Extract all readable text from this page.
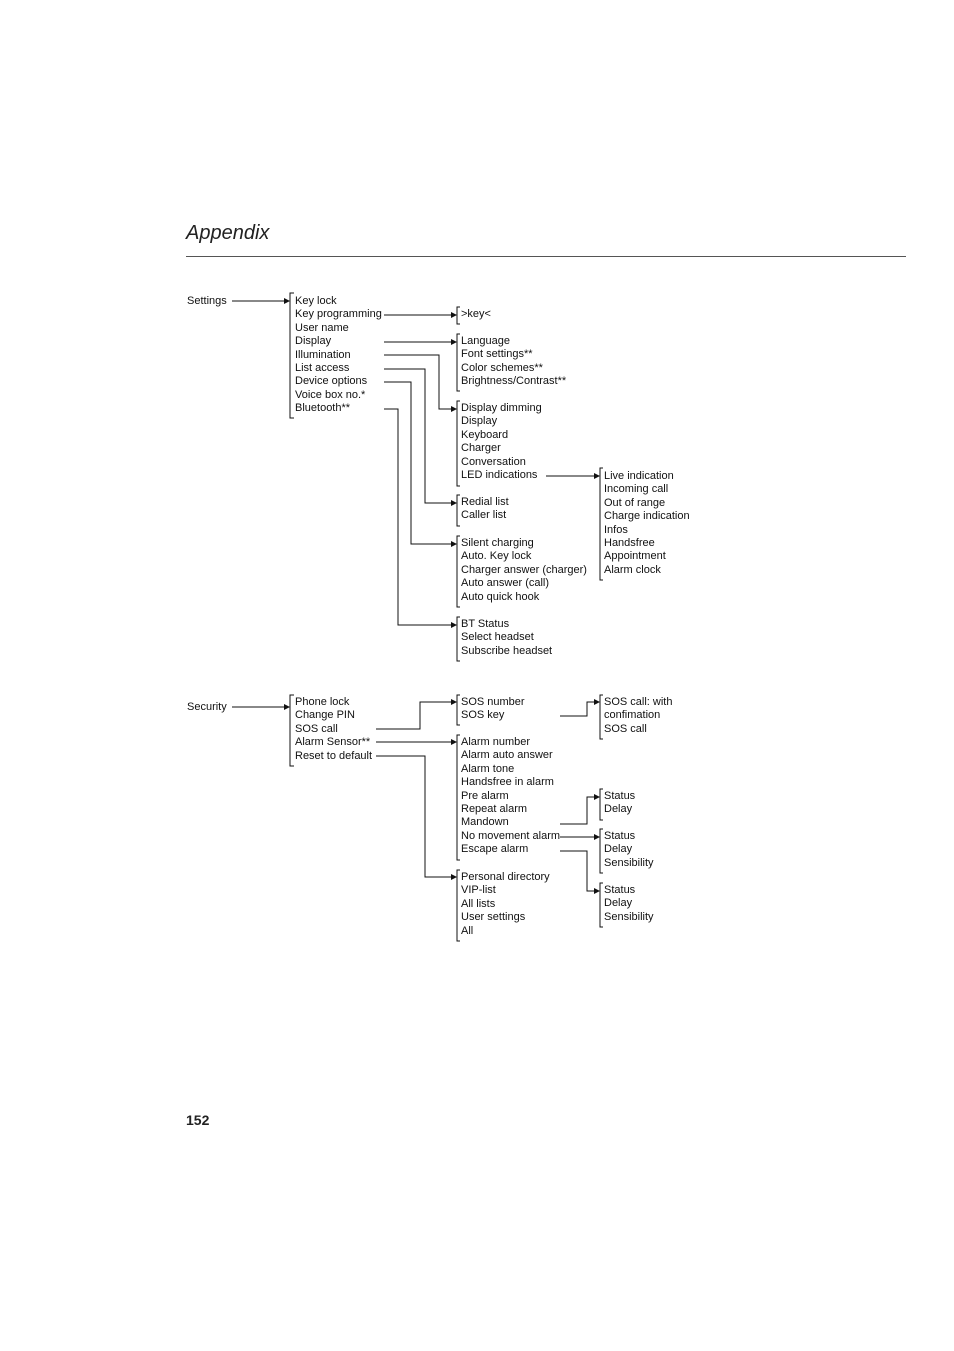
Appendix
Settings	Key lock
Key programming
User name
Display
Illumination
List access
Device options
Voice box no.*
Bluetooth**
>key<
Language
Font settings**
Color schemes**
Brightness/Contrast**
Display dimming
Display
Keyboard
Charger
Conversation
LED indications	Live indication
Incoming call
Out of range
Charge indication
Infos
Handsfree
Appointment
Alarm clock
Redial list
Caller list
Silent charging
Auto. Key lock
Charger answer (charger)
Auto answer (call)
Auto quick hook
BT Status
Select headset
Subscribe headset
Security	Phone lock
Change PIN
SOS call
Alarm Sensor**
Reset to default
SOS number
SOS key
SOS call: with
confimation
SOS call
Alarm number
Alarm auto answer
Alarm tone
Handsfree in alarm
Pre alarm
Repeat alarm
Mandown
No movement alarm
Escape alarm
Status
Delay
Status
Delay
Sensibility
Status
Delay
Sensibility
Personal directory
VIP-list
All lists
User settings
All
152
